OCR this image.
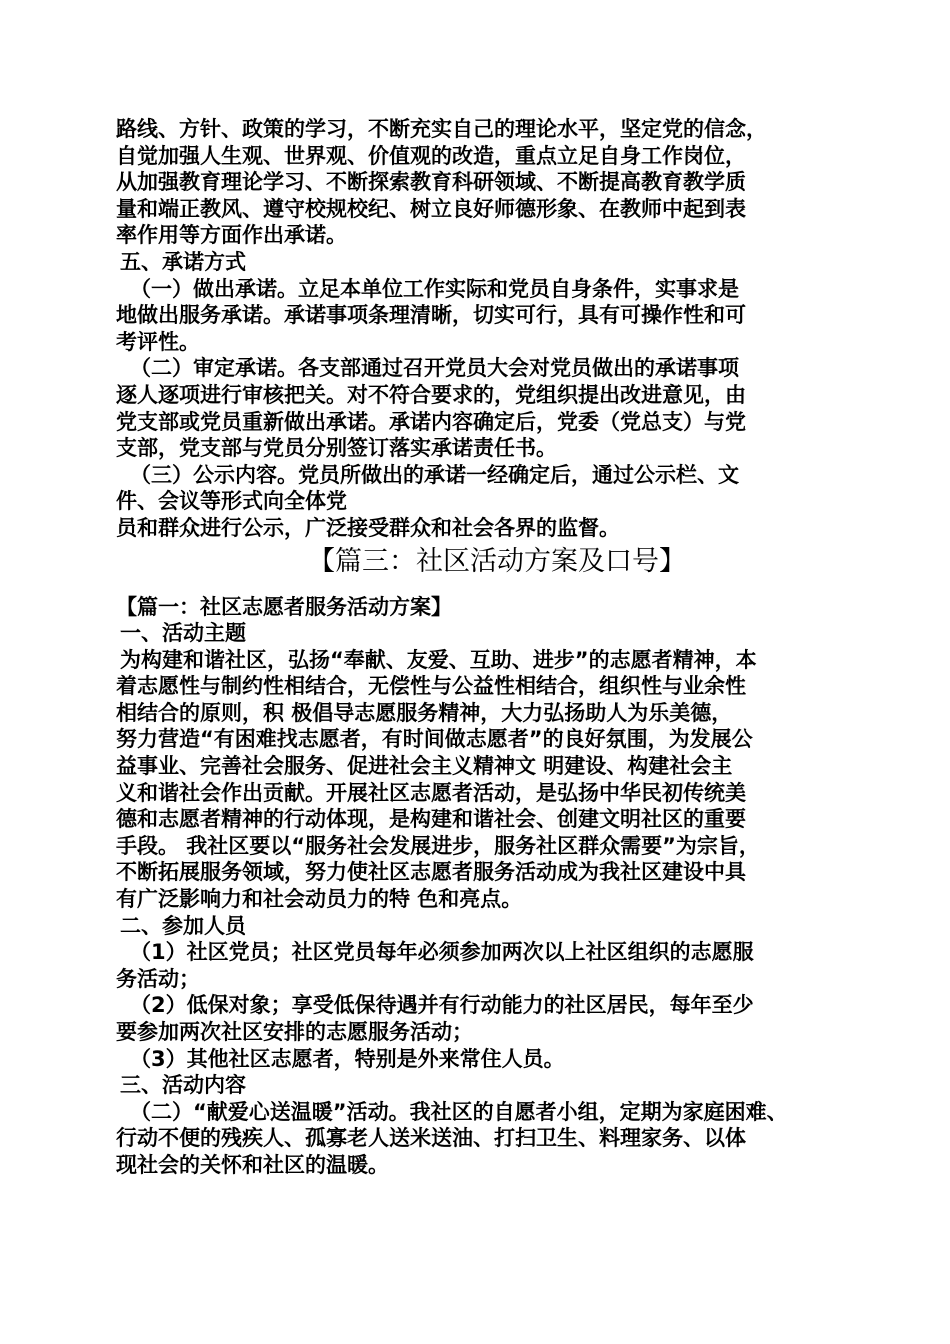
路线、方针、政策的学习，不断充实自己的理论水平，坚定党的信念，
自觉加强人生观、世界观、价值观的改造，重点立足自身工作岗位，
从加强教育理论学习、不断探索教育科研领域、不断提高教育教学质
量和端正教风、遵守校规校纪、树立良好师德形象、在教师中起到表
率作用等方面作出承诺。
五、承诺方式
（一）做出承诺。立足本单位工作实际和党员自身条件，实事求是
地做出服务承诺。承诺事项条理清晰，切实可行，具有可操作性和可
考评性。
（二）审定承诺。各支部通过召开党员大会对党员做出的承诺事项
逐人逐项进行审核把关。对不符合要求的，党组织提出改进意见，由
党支部或党员重新做出承诺。承诺内容确定后，党委（党总支）与党
支部，党支部与党员分别签订落实承诺责任书。
（三）公示内容。党员所做出的承诺一经确定后，通过公示栏、文
件、会议等形式向全体党
员和群众进行公示，广泛接受群众和社会各界的监督。
【篇三：社区活动方案及口号】
【篇一：社区志愿者服务活动方案】
一、活动主题
为构建和谐社区，弘扬“奉献、友爱、互助、进步”的志愿者精神，本
着志愿性与制约性相结合，无偿性与公益性相结合，组织性与业余性
相结合的原则，积 极倡导志愿服务精神，大力弘扬助人为乐美德，
努力营造“有困难找志愿者，有时间做志愿者”的良好氛围，为发展公
益事业、完善社会服务、促进社会主义精神文 明建设、构建社会主
义和谐社会作出贡献。开展社区志愿者活动，是弘扬中华民初传统美
德和志愿者精神的行动体现，是构建和谐社会、创建文明社区的重要
手段。 我社区要以“服务社会发展进步，服务社区群众需要”为宗旨，
不断拓展服务领域，努力使社区志愿者服务活动成为我社区建设中具
有广泛影响力和社会动员力的特 色和亮点。
二、参加人员
（1）社区党员；社区党员每年必须参加两次以上社区组织的志愿服
务活动；
（2）低保对象；享受低保待遇并有行动能力的社区居民，每年至少
要参加两次社区安排的志愿服务活动；
（3）其他社区志愿者，特别是外来常住人员。
三、活动内容
（二）“献爱心送温暖”活动。我社区的自愿者小组，定期为家庭困难、
行动不便的残疾人、孤寡老人送米送油、打扫卫生、料理家务、以体
现社会的关怀和社区的温暖。
